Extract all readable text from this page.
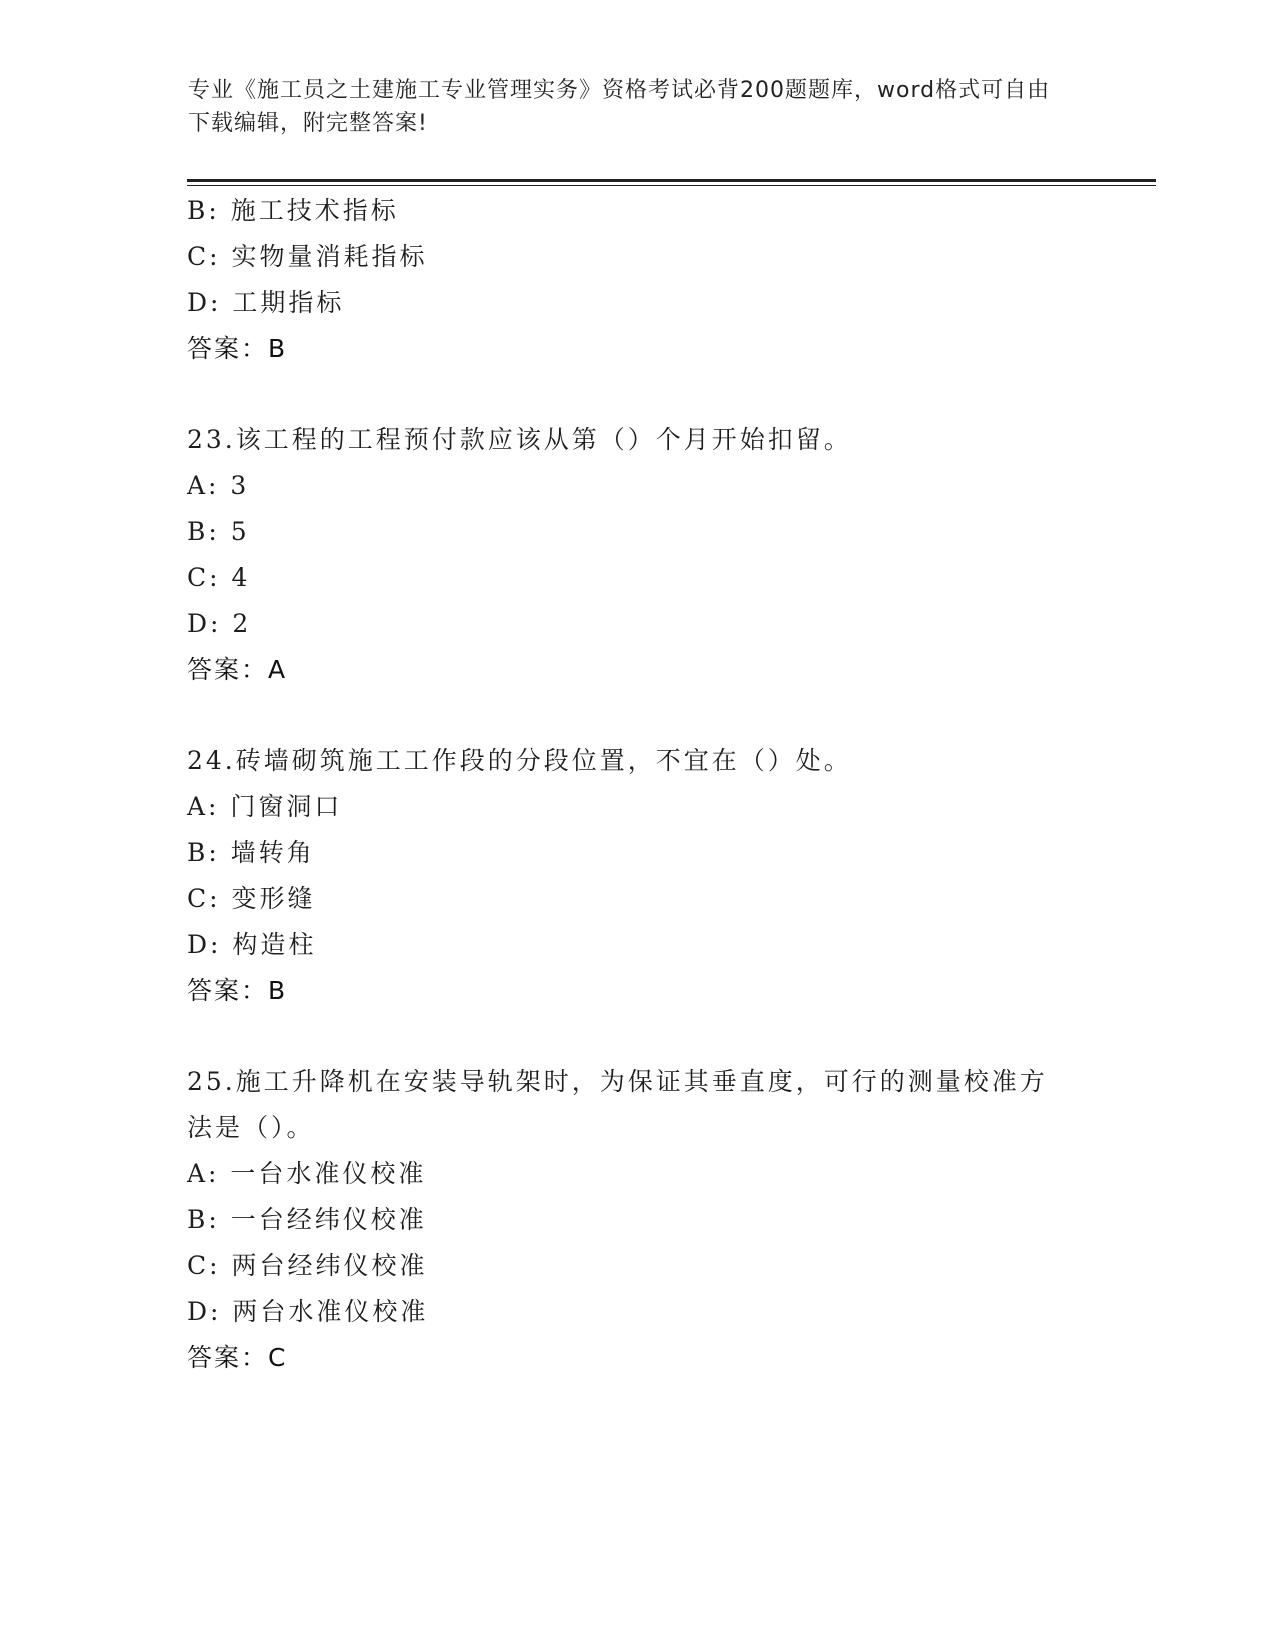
专业《施工员之土建施工专业管理实务》资格考试必背200题题库，word格式可自由下载编辑，附完整答案!
B: 施工技术指标
C: 实物量消耗指标
D: 工期指标
答案：B
23.该工程的工程预付款应该从第（）个月开始扣留。
A: 3
B: 5
C: 4
D: 2
答案：A
24.砖墙砌筑施工工作段的分段位置，不宜在（）处。
A: 门窗洞口
B: 墙转角
C: 变形缝
D: 构造柱
答案：B
25.施工升降机在安装导轨架时，为保证其垂直度，可行的测量校准方法是（）。
A: 一台水准仪校准
B: 一台经纬仪校准
C: 两台经纬仪校准
D: 两台水准仪校准
答案：C
